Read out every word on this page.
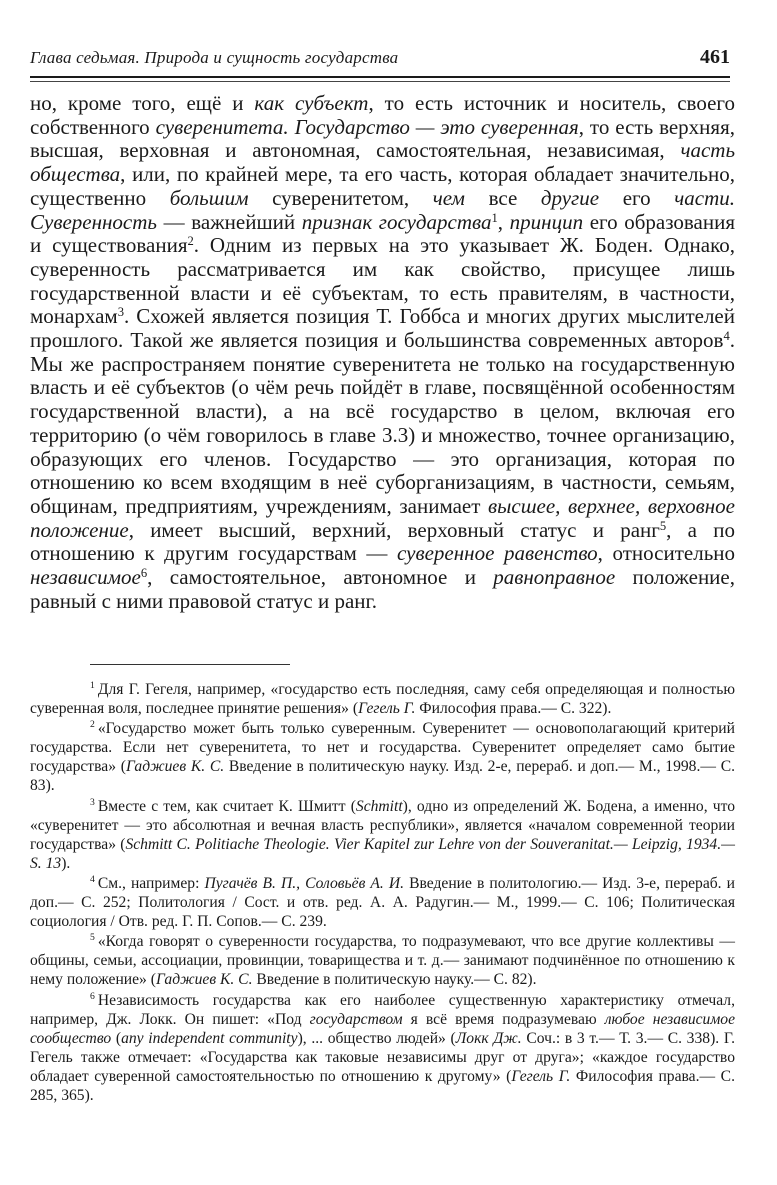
Глава седьмая. Природа и сущность государства	461

но, кроме того, ещё и как субъект, то есть источник и носитель, своего собственного суверенитета. Государство — это суверенная, то есть верхняя, высшая, верховная и автономная, самостоятельная, независимая, часть общества, или, по крайней мере, та его часть, которая обладает значительно, существенно большим суверенитетом, чем все другие его части. Суверенность — важнейший признак государства$^1$, принцип его образования и существования$^2$. Одним из первых на это указывает Ж. Боден. Однако, суверенность рассматривается им как свойство, присущее лишь государственной власти и её субъектам, то есть правителям, в частности, монархам$^3$. Схожей является позиция Т. Гоббса и многих других мыслителей прошлого. Такой же является позиция и большинства современных авторов$^4$. Мы же распространяем понятие суверенитета не только на государственную власть и её субъектов (о чём речь пойдёт в главе, посвящённой особенностям государственной власти), а на всё государство в целом, включая его территорию (о чём говорилось в главе 3.3) и множество, точнее организацию, образующих его членов. Государство — это организация, которая по отношению ко всем входящим в неё суборганизациям, в частности, семьям, общинам, предприятиям, учреждениям, занимает высшее, верхнее, верховное положение, имеет высший, верхний, верховный статус и ранг$^5$, а по отношению к другим государствам — суверенное равенство, относительно независимое$^6$, самостоятельное, автономное и равноправное положение, равный с ними правовой статус и ранг.

$^1$ Для Г. Гегеля, например, «государство есть последняя, саму себя определяющая и полностью суверенная воля, последнее принятие решения» (Гегель Г. Философия права.— С. 322).

$^2$ «Государство может быть только суверенным. Суверенитет — основополагающий критерий государства. Если нет суверенитета, то нет и государства. Суверенитет определяет само бытие государства» (Гаджиев К. С. Введение в политическую науку. Изд. 2-е, перераб. и доп.— М., 1998.— С. 83).

$^3$ Вместе с тем, как считает К. Шмитт (Schmitt), одно из определений Ж. Бодена, а именно, что «суверенитет — это абсолютная и вечная власть республики», является «началом современной теории государства» (Schmitt C. Politiache Theologie. Vier Kapitel zur Lehre von der Souveranitat.— Leipzig, 1934.— S. 13).

$^4$ См., например: Пугачёв В. П., Соловьёв А. И. Введение в политологию.— Изд. 3-е, перераб. и доп.— С. 252; Политология / Сост. и отв. ред. А. А. Радугин.— М., 1999.— С. 106; Политическая социология / Отв. ред. Г. П. Сопов.— С. 239.

$^5$ «Когда говорят о суверенности государства, то подразумевают, что все другие коллективы — общины, семьи, ассоциации, провинции, товарищества и т. д.— занимают подчинённое по отношению к нему положение» (Гаджиев К. С. Введение в политическую науку.— С. 82).

$^6$ Независимость государства как его наиболее существенную характеристику отмечал, например, Дж. Локк. Он пишет: «Под государством я всё время подразумеваю любое независимое сообщество (any independent community), ... общество людей» (Локк Дж. Соч.: в 3 т.— Т. 3.— С. 338). Г. Гегель также отмечает: «Государства как таковые независимы друг от друга»; «каждое государство обладает суверенной самостоятельностью по отношению к другому» (Гегель Г. Философия права.— С. 285, 365).
